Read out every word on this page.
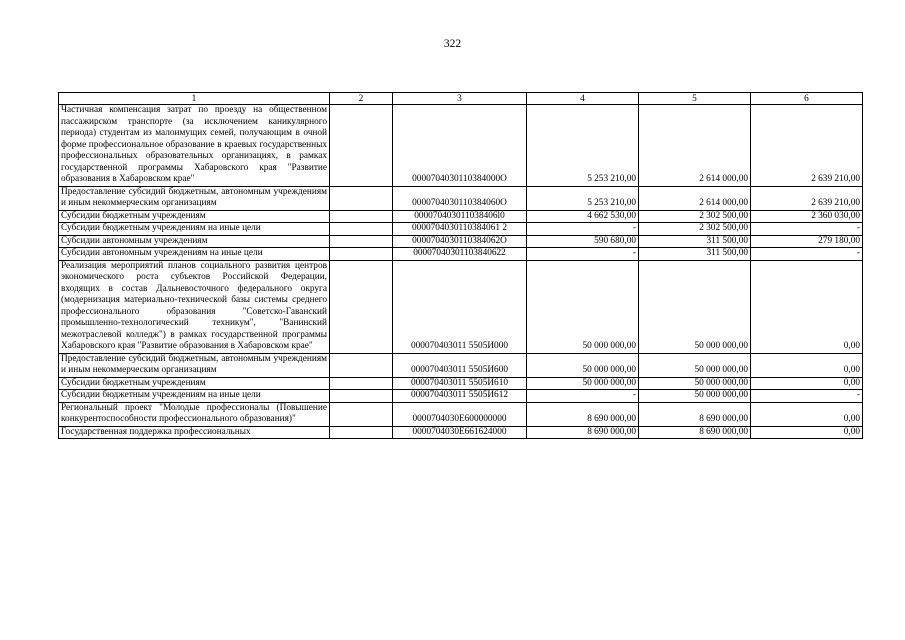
322
1	2	3	4	5	6
Частичная компенсация затрат по проезду на общественном пассажирском транспорте (за исключением каникулярного периода) студентам из малоимущих семей, получающим в очной форме профессиональное образование в краевых государственных профессиональных образовательных организациях, в рамках государственной программы Хабаровского края "Развитие образования в Хабаровском крае"		0000704030110384000O	5 253 210,00	2 614 000,00	2 639 210,00
Предоставление субсидий бюджетным, автономным учреждениям и иным некоммерческим организациям		0000704030110384060O	5 253 210,00	2 614 000,00	2 639 210,00
Субсидии бюджетным учреждениям		000070403011038406l0	4 662 530,00	2 302 500,00	2 360 030,00
Субсидии бюджетным учреждениям на иные цели		0000704030110384061 2	-	2 302 500,00	-
Субсидии автономным учреждениям		0000704030110384062O	590 680,00	311 500,00	279 180,00
Субсидии автономным учреждениям на иные цели		00007040301103840622	-	311 500,00	-
Реализация мероприятий планов социального развития центров экономического роста субъектов Российской Федерации, входящих в состав Дальневосточного федерального округа (модернизация материально-технической базы системы среднего профессионального образования "Советско-Гаванский промышленно-технологический техникум", "Ванинский межотраслевой колледж") в рамках государственной программы Хабаровского края "Развитие образования в Хабаровском крае"		000070403011 5505И000	50 000 000,00	50 000 000,00	0,00
Предоставление субсидий бюджетным, автономным учреждениям и иным некоммерческим организациям		000070403011 5505И600	50 000 000,00	50 000 000,00	0,00
Субсидии бюджетным учреждениям		000070403011 5505И610	50 000 000,00	50 000 000,00	0,00
Субсидии бюджетным учреждениям на иные цели		000070403011 5505И612	-	50 000 000,00	-
Региональный проект "Молодые профессионалы (Повышение конкурентоспособности профессионального образования)"		0000704030E600000000	8 690 000,00	8 690 000,00	0,00
Государственная поддержка профессиональных		0000704030E661624000	8 690 000,00	8 690 000,00	0,00
